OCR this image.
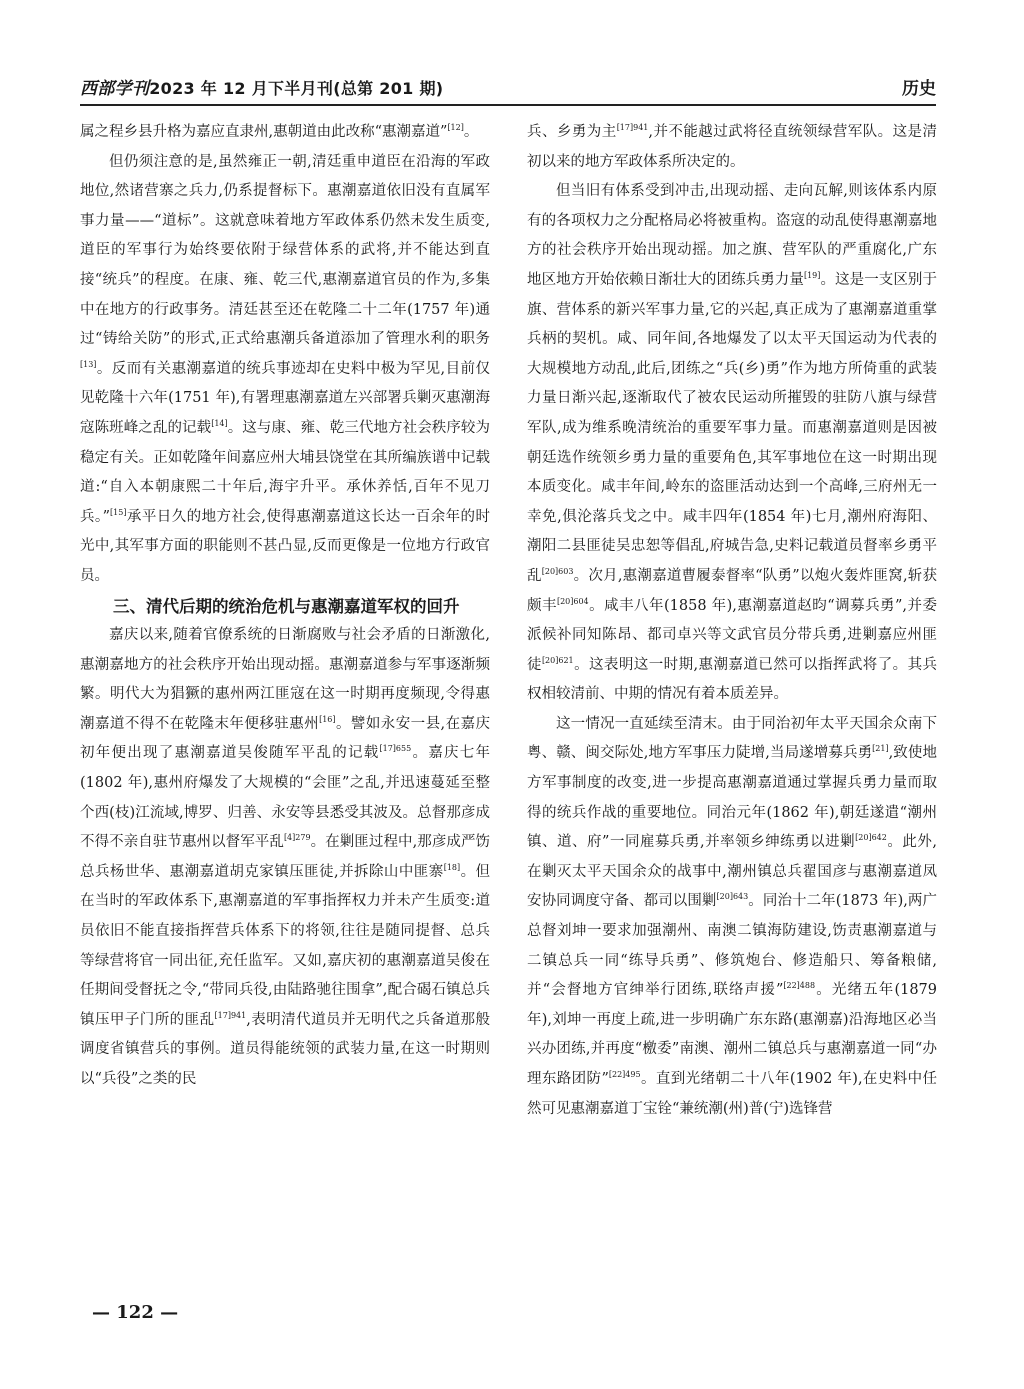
西部学刊2023 年 12 月下半月刊(总第 201 期)	历史

属之程乡县升格为嘉应直隶州,惠朝道由此改称“惠潮嘉道”[12]。

但仍须注意的是,虽然雍正一朝,清廷重申道臣在沿海的军政地位,然诸营寨之兵力,仍系提督标下。惠潮嘉道依旧没有直属军事力量——“道标”。这就意味着地方军政体系仍然未发生质变,道臣的军事行为始终要依附于绿营体系的武将,并不能达到直接“统兵”的程度。在康、雍、乾三代,惠潮嘉道官员的作为,多集中在地方的行政事务。清廷甚至还在乾隆二十二年(1757 年)通过“铸给关防”的形式,正式给惠潮兵备道添加了管理水利的职务[13]。反而有关惠潮嘉道的统兵事迹却在史料中极为罕见,目前仅见乾隆十六年(1751 年),有署理惠潮嘉道左兴部署兵剿灭惠潮海寇陈班峰之乱的记载[14]。这与康、雍、乾三代地方社会秩序较为稳定有关。正如乾隆年间嘉应州大埔县饶堂在其所编族谱中记载道:“自入本朝康熙二十年后,海宇升平。承休养恬,百年不见刀兵。”[15]承平日久的地方社会,使得惠潮嘉道这长达一百余年的时光中,其军事方面的职能则不甚凸显,反而更像是一位地方行政官员。

三、清代后期的统治危机与惠潮嘉道军权的回升

嘉庆以来,随着官僚系统的日渐腐败与社会矛盾的日渐激化,惠潮嘉地方的社会秩序开始出现动摇。惠潮嘉道参与军事逐渐频繁。明代大为猖獗的惠州两江匪寇在这一时期再度频现,令得惠潮嘉道不得不在乾隆末年便移驻惠州[16]。譬如永安一县,在嘉庆初年便出现了惠潮嘉道吴俊随军平乱的记载$^{[17]655}$。嘉庆七年(1802 年),惠州府爆发了大规模的“会匪”之乱,并迅速蔓延至整个西(枝)江流域,博罗、归善、永安等县悉受其波及。总督那彦成不得不亲自驻节惠州以督军平乱$^{[4]279}$。在剿匪过程中,那彦成严饬总兵杨世华、惠潮嘉道胡克家镇压匪徒,并拆除山中匪寨[18]。但在当时的军政体系下,惠潮嘉道的军事指挥权力并未产生质变:道员依旧不能直接指挥营兵体系下的将领,往往是随同提督、总兵等绿营将官一同出征,充任监军。又如,嘉庆初的惠潮嘉道吴俊在任期间受督抚之令,“带同兵役,由陆路驰往围拿”,配合碣石镇总兵镇压甲子门所的匪乱$^{[17]941}$,表明清代道员并无明代之兵备道那般调度省镇营兵的事例。道员得能统领的武装力量,在这一时期则以“兵役”之类的民

兵、乡勇为主$^{[17]941}$,并不能越过武将径直统领绿营军队。这是清初以来的地方军政体系所决定的。

但当旧有体系受到冲击,出现动摇、走向瓦解,则该体系内原有的各项权力之分配格局必将被重构。盗寇的动乱使得惠潮嘉地方的社会秩序开始出现动摇。加之旗、营军队的严重腐化,广东地区地方开始依赖日渐壮大的团练兵勇力量[19]。这是一支区别于旗、营体系的新兴军事力量,它的兴起,真正成为了惠潮嘉道重掌兵柄的契机。咸、同年间,各地爆发了以太平天国运动为代表的大规模地方动乱,此后,团练之“兵(乡)勇”作为地方所倚重的武装力量日渐兴起,逐渐取代了被农民运动所摧毁的驻防八旗与绿营军队,成为维系晚清统治的重要军事力量。而惠潮嘉道则是因被朝廷选作统领乡勇力量的重要角色,其军事地位在这一时期出现本质变化。咸丰年间,岭东的盗匪活动达到一个高峰,三府州无一幸免,俱沦落兵戈之中。咸丰四年(1854 年)七月,潮州府海阳、潮阳二县匪徒吴忠恕等倡乱,府城告急,史料记载道员督率乡勇平乱$^{[20]603}$。次月,惠潮嘉道曹履泰督率“队勇”以炮火轰炸匪窝,斩获颇丰$^{[20]604}$。咸丰八年(1858 年),惠潮嘉道赵昀“调募兵勇”,并委派候补同知陈昂、都司卓兴等文武官员分带兵勇,进剿嘉应州匪徒$^{[20]621}$。这表明这一时期,惠潮嘉道已然可以指挥武将了。其兵权相较清前、中期的情况有着本质差异。

这一情况一直延续至清末。由于同治初年太平天国余众南下粤、赣、闽交际处,地方军事压力陡增,当局遂增募兵勇[21],致使地方军事制度的改变,进一步提高惠潮嘉道通过掌握兵勇力量而取得的统兵作战的重要地位。同治元年(1862 年),朝廷遂遣“潮州镇、道、府”一同雇募兵勇,并率领乡绅练勇以进剿$^{[20]642}$。此外,在剿灭太平天国余众的战事中,潮州镇总兵翟国彦与惠潮嘉道凤安协同调度守备、都司以围剿$^{[20]643}$。同治十二年(1873 年),两广总督刘坤一要求加强潮州、南澳二镇海防建设,饬责惠潮嘉道与二镇总兵一同“练导兵勇”、修筑炮台、修造船只、筹备粮储,并“会督地方官绅举行团练,联络声援”$^{[22]488}$。光绪五年(1879 年),刘坤一再度上疏,进一步明确广东东路(惠潮嘉)沿海地区必当兴办团练,并再度“檄委”南澳、潮州二镇总兵与惠潮嘉道一同“办理东路团防”$^{[22]495}$。直到光绪朝二十八年(1902 年),在史料中任然可见惠潮嘉道丁宝铨“兼统潮(州)普(宁)选锋营

— 122 —
